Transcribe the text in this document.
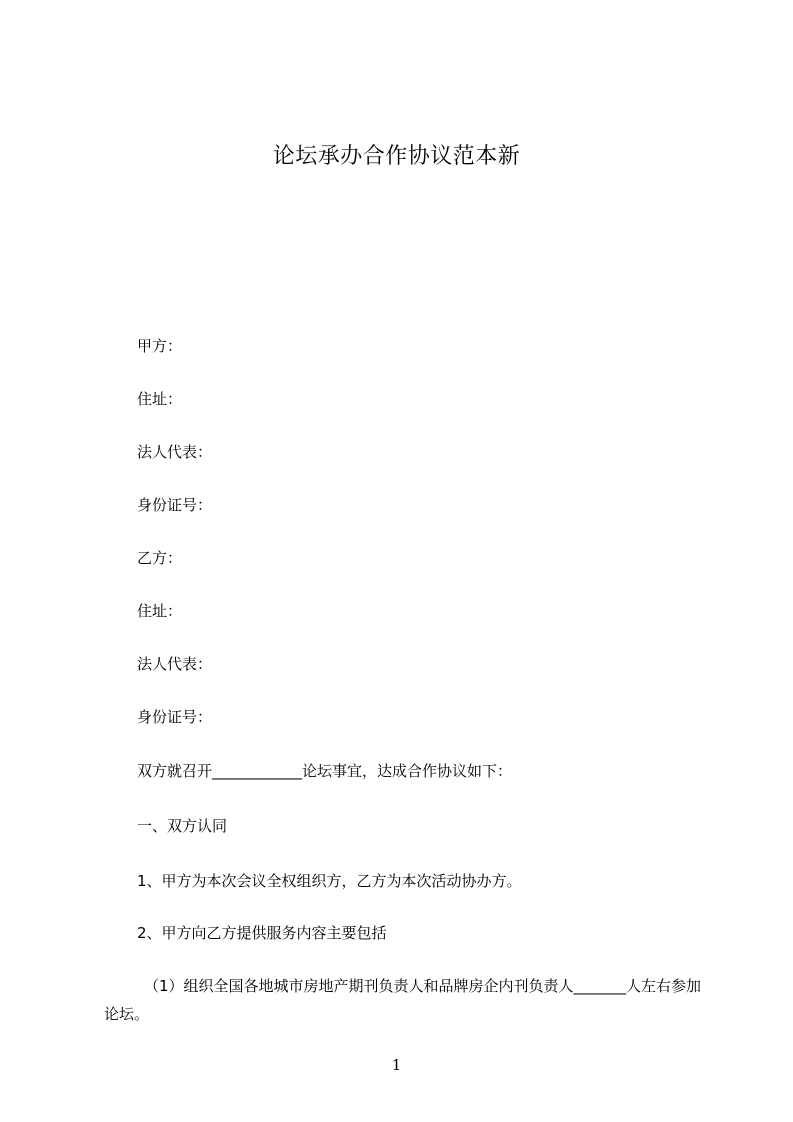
论坛承办合作协议范本新

甲方：

住址：

法人代表：

身份证号：

乙方：

住址：

法人代表：

身份证号：

双方就召开____________论坛事宜，达成合作协议如下：

一、双方认同

1、甲方为本次会议全权组织方，乙方为本次活动协办方。

2、甲方向乙方提供服务内容主要包括

（1）组织全国各地城市房地产期刊负责人和品牌房企内刊负责人_______人左右参加论坛。

1
